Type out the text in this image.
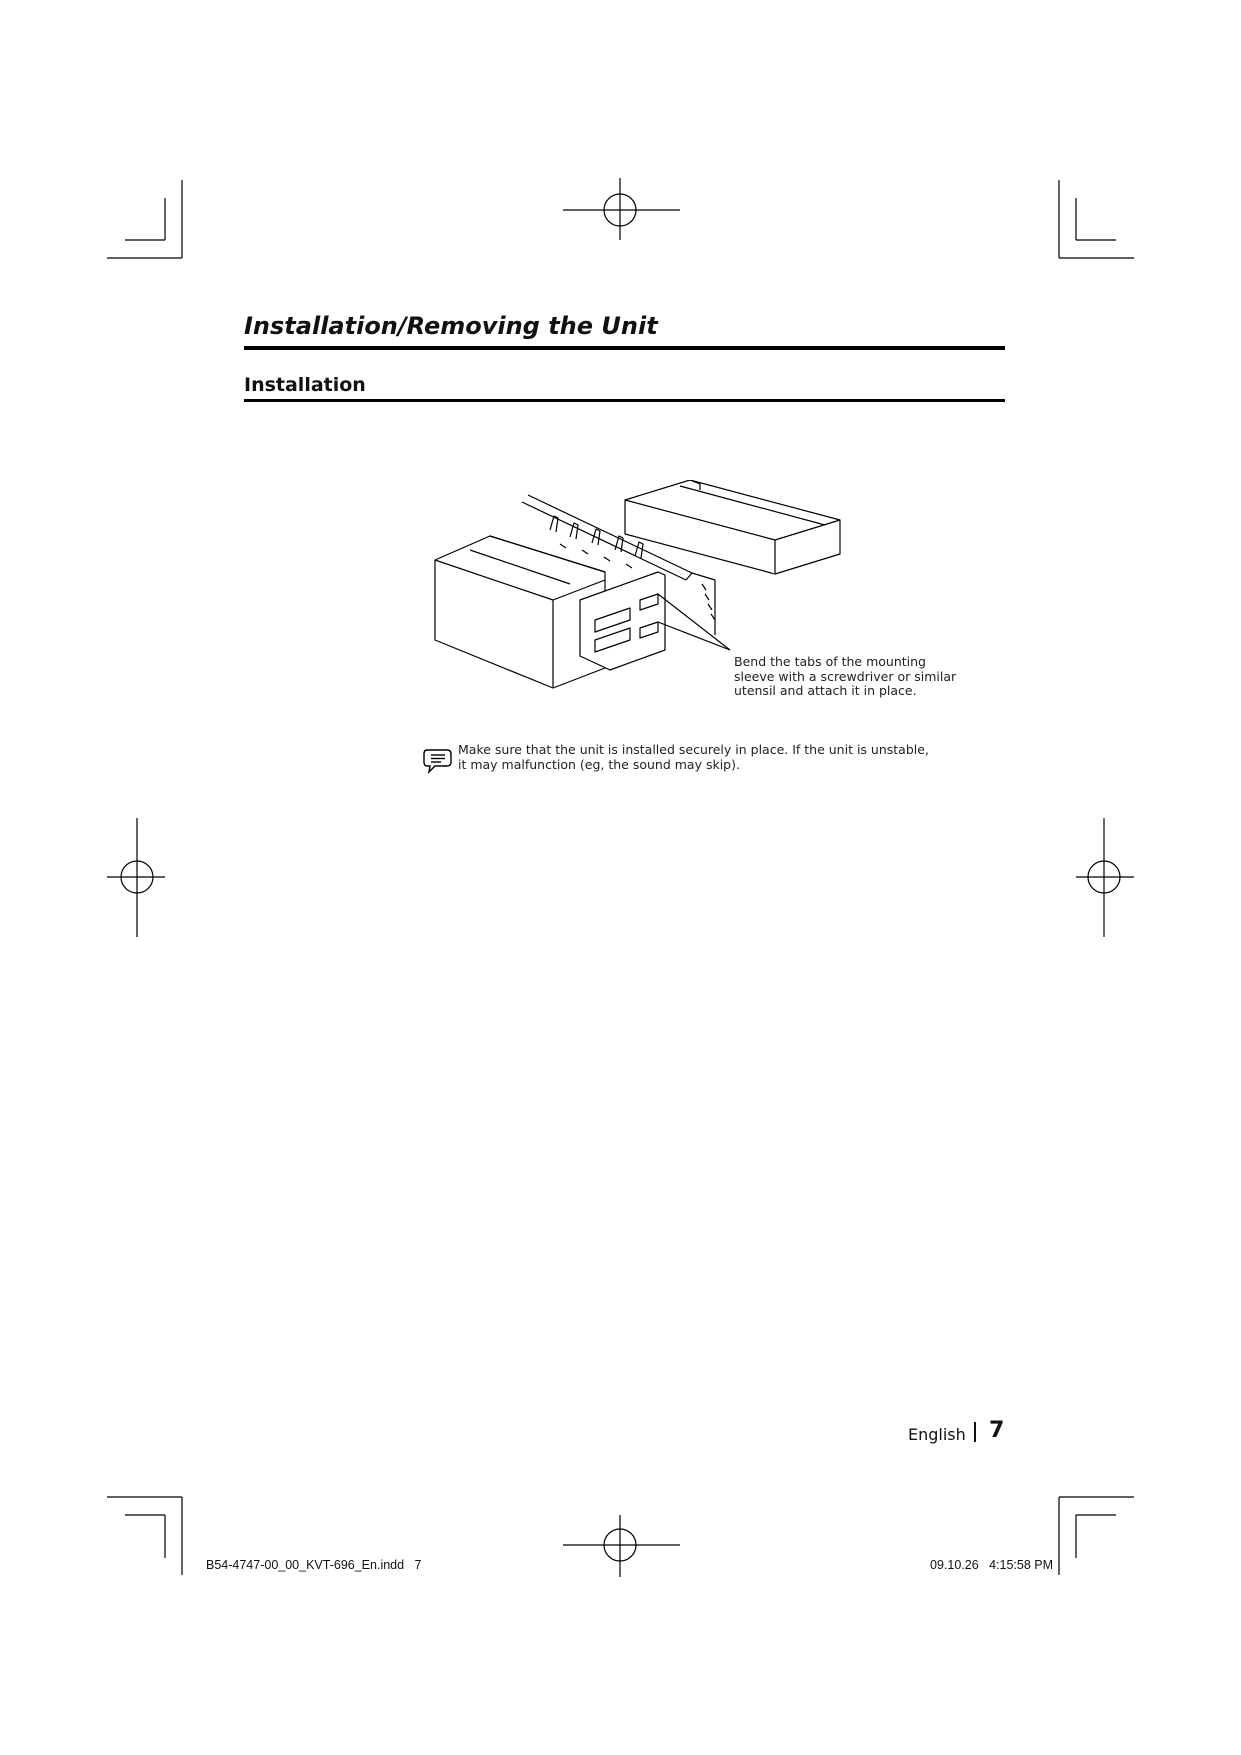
Installation/Removing the Unit
Installation
Bend the tabs of the mounting
sleeve with a screwdriver or similar
utensil and attach it in place.
Make sure that the unit is installed securely in place. If the unit is unstable,
it may malfunction (eg, the sound may skip).
English 7
B54-4747-00_00_KVT-696_En.indd   7	09.10.26   4:15:58 PM
